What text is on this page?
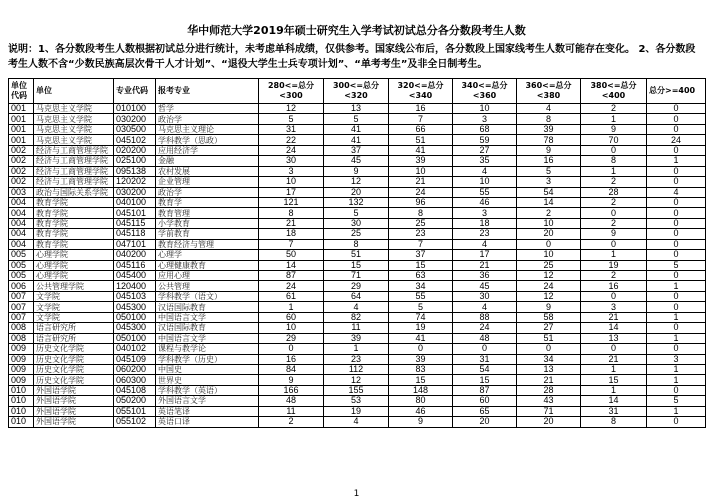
华中师范大学2019年硕士研究生入学考试初试总分各分数段考生人数
说明：1、各分数段考生人数根据初试总分进行统计，未考虑单科成绩，仅供参考。国家线公布后，各分数段上国家线考生人数可能存在变化。 2、各分数段考生人数不含“少数民族高层次骨干人才计划”、“退役大学生士兵专项计划”、“单考考生”及非全日制考生。
单位代码	单位	专业代码	报考专业	280<=总分<300	300<=总分<320	320<=总分<340	340<=总分<360	360<=总分<380	380<=总分<400	总分>=400
001	马克思主义学院	010100	哲学	12	13	16	10	4	2	0
001	马克思主义学院	030200	政治学	5	5	7	3	8	1	0
001	马克思主义学院	030500	马克思主义理论	31	41	66	68	39	9	0
001	马克思主义学院	045102	学科教学（思政）	22	41	51	59	78	70	24
002	经济与工商管理学院	020200	应用经济学	24	37	41	27	9	0	0
002	经济与工商管理学院	025100	金融	30	45	39	35	16	8	1
002	经济与工商管理学院	095138	农村发展	3	9	10	4	5	1	0
002	经济与工商管理学院	120202	企业管理	10	12	21	10	3	2	0
003	政治与国际关系学院	030200	政治学	17	20	24	55	54	28	4
004	教育学院	040100	教育学	121	132	96	46	14	2	0
004	教育学院	045101	教育管理	8	5	8	3	2	0	0
004	教育学院	045115	小学教育	21	30	25	18	10	2	0
004	教育学院	045118	学前教育	18	25	23	23	20	9	0
004	教育学院	047101	教育经济与管理	7	8	7	4	0	0	0
005	心理学院	040200	心理学	50	51	37	17	10	1	0
005	心理学院	045116	心理健康教育	14	15	15	21	25	19	5
005	心理学院	045400	应用心理	87	71	63	36	12	2	0
006	公共管理学院	120400	公共管理	24	29	34	45	24	16	1
007	文学院	045103	学科教学（语文）	61	64	55	30	12	0	0
007	文学院	045300	汉语国际教育	1	4	5	4	9	3	0
007	文学院	050100	中国语言文学	60	82	74	88	58	21	1
008	语言研究所	045300	汉语国际教育	10	11	19	24	27	14	0
008	语言研究所	050100	中国语言文学	29	39	41	48	51	13	1
009	历史文化学院	040102	课程与教学论	0	1	0	0	0	0	0
009	历史文化学院	045109	学科教学（历史）	16	23	39	31	34	21	3
009	历史文化学院	060200	中国史	84	112	83	54	13	1	1
009	历史文化学院	060300	世界史	9	12	15	15	21	15	1
010	外国语学院	045108	学科教学（英语）	166	155	148	87	28	1	0
010	外国语学院	050200	外国语言文学	48	53	80	60	43	14	5
010	外国语学院	055101	英语笔译	11	19	46	65	71	31	1
010	外国语学院	055102	英语口译	2	4	9	20	20	8	0
1
